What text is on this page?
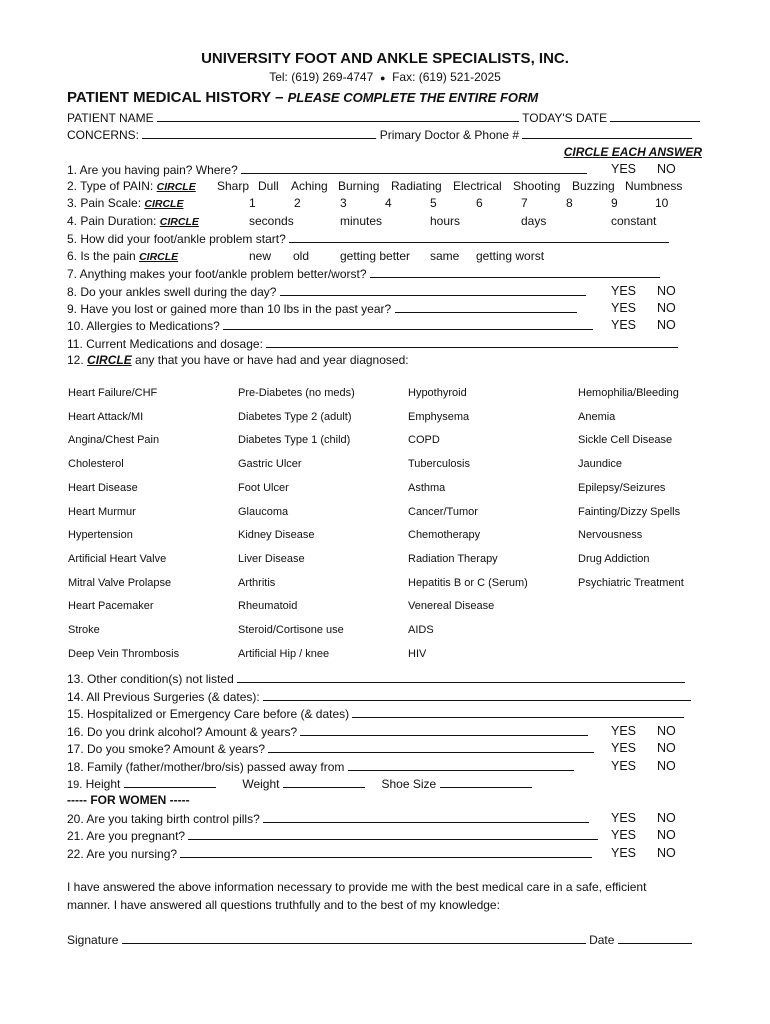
UNIVERSITY FOOT AND ANKLE SPECIALISTS, INC.
Tel: (619) 269-4747 ● Fax: (619) 521-2025
PATIENT MEDICAL HISTORY – PLEASE COMPLETE THE ENTIRE FORM
PATIENT NAME	TODAY'S DATE
CONCERNS:	Primary Doctor & Phone #
CIRCLE EACH ANSWER
1. Are you having pain? Where?	YES NO
2. Type of PAIN: CIRCLE Sharp Dull Aching Burning Radiating Electrical Shooting Buzzing Numbness
3. Pain Scale: CIRCLE	1	2	3	4	5	6	7	8	9	10
4. Pain Duration: CIRCLE	seconds	minutes	hours	days	constant
5. How did your foot/ankle problem start?
6. Is the pain CIRCLE	new old	getting better same getting worst
7. Anything makes your foot/ankle problem better/worst?
8. Do your ankles swell during the day?	YES NO
9. Have you lost or gained more than 10 lbs in the past year?	YES NO
10. Allergies to Medications?	YES NO
11. Current Medications and dosage:
12. CIRCLE any that you have or have had and year diagnosed:
Heart Failure/CHF	Pre-Diabetes (no meds)	Hypothyroid	Hemophilia/Bleeding
Heart Attack/MI	Diabetes Type 2 (adult)	Emphysema	Anemia
Angina/Chest Pain	Diabetes Type 1 (child)	COPD	Sickle Cell Disease
Cholesterol	Gastric Ulcer	Tuberculosis	Jaundice
Heart Disease	Foot Ulcer	Asthma	Epilepsy/Seizures
Heart Murmur	Glaucoma	Cancer/Tumor	Fainting/Dizzy Spells
Hypertension	Kidney Disease	Chemotherapy	Nervousness
Artificial Heart Valve	Liver Disease	Radiation Therapy	Drug Addiction
Mitral Valve Prolapse	Arthritis	Hepatitis B or C (Serum)	Psychiatric Treatment
Heart Pacemaker	Rheumatoid	Venereal Disease
Stroke	Steroid/Cortisone use	AIDS
Deep Vein Thrombosis	Artificial Hip / knee	HIV
13. Other condition(s) not listed
14. All Previous Surgeries (& dates):
15. Hospitalized or Emergency Care before (& dates)
16. Do you drink alcohol? Amount & years?	YES NO
17. Do you smoke? Amount & years?	YES NO
18. Family (father/mother/bro/sis) passed away from	YES NO
19. Height	Weight	Shoe Size
----- FOR WOMEN -----
20. Are you taking birth control pills?	YES NO
21. Are you pregnant?	YES NO
22. Are you nursing?	YES NO
I have answered the above information necessary to provide me with the best medical care in a safe, efficient
manner. I have answered all questions truthfully and to the best of my knowledge:
Signature	Date
